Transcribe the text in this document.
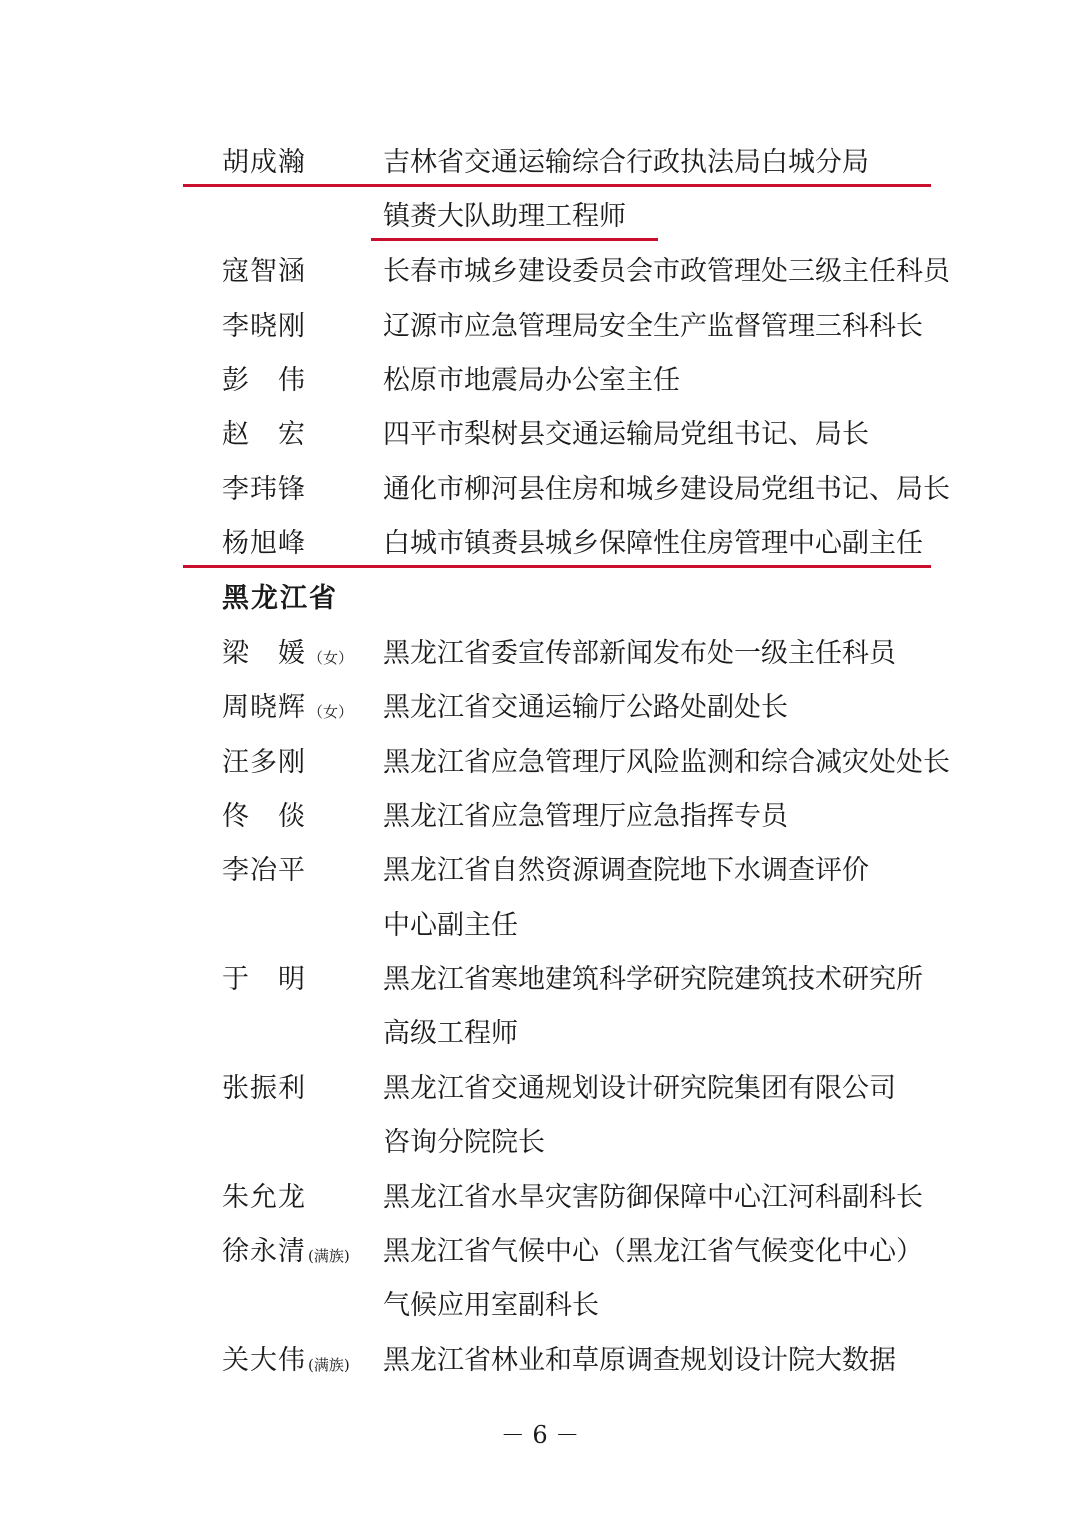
胡成瀚	吉林省交通运输综合行政执法局白城分局
镇赉大队助理工程师
寇智涵	长春市城乡建设委员会市政管理处三级主任科员
李晓刚	辽源市应急管理局安全生产监督管理三科科长
彭　伟	松原市地震局办公室主任
赵　宏	四平市梨树县交通运输局党组书记、局长
李玮锋	通化市柳河县住房和城乡建设局党组书记、局长
杨旭峰	白城市镇赉县城乡保障性住房管理中心副主任
黑龙江省
梁　媛 （女） 黑龙江省委宣传部新闻发布处一级主任科员
周晓辉 （女） 黑龙江省交通运输厅公路处副处长
汪多刚	黑龙江省应急管理厅风险监测和综合减灾处处长
佟　倓	黑龙江省应急管理厅应急指挥专员
李冶平	黑龙江省自然资源调查院地下水调查评价
中心副主任
于　明	黑龙江省寒地建筑科学研究院建筑技术研究所
高级工程师
张振利	黑龙江省交通规划设计研究院集团有限公司
咨询分院院长
朱允龙	黑龙江省水旱灾害防御保障中心江河科副科长
徐永清 (满族) 黑龙江省气候中心（黑龙江省气候变化中心）
气候应用室副科长
关大伟 (满族) 黑龙江省林业和草原调查规划设计院大数据
－ 6 －
